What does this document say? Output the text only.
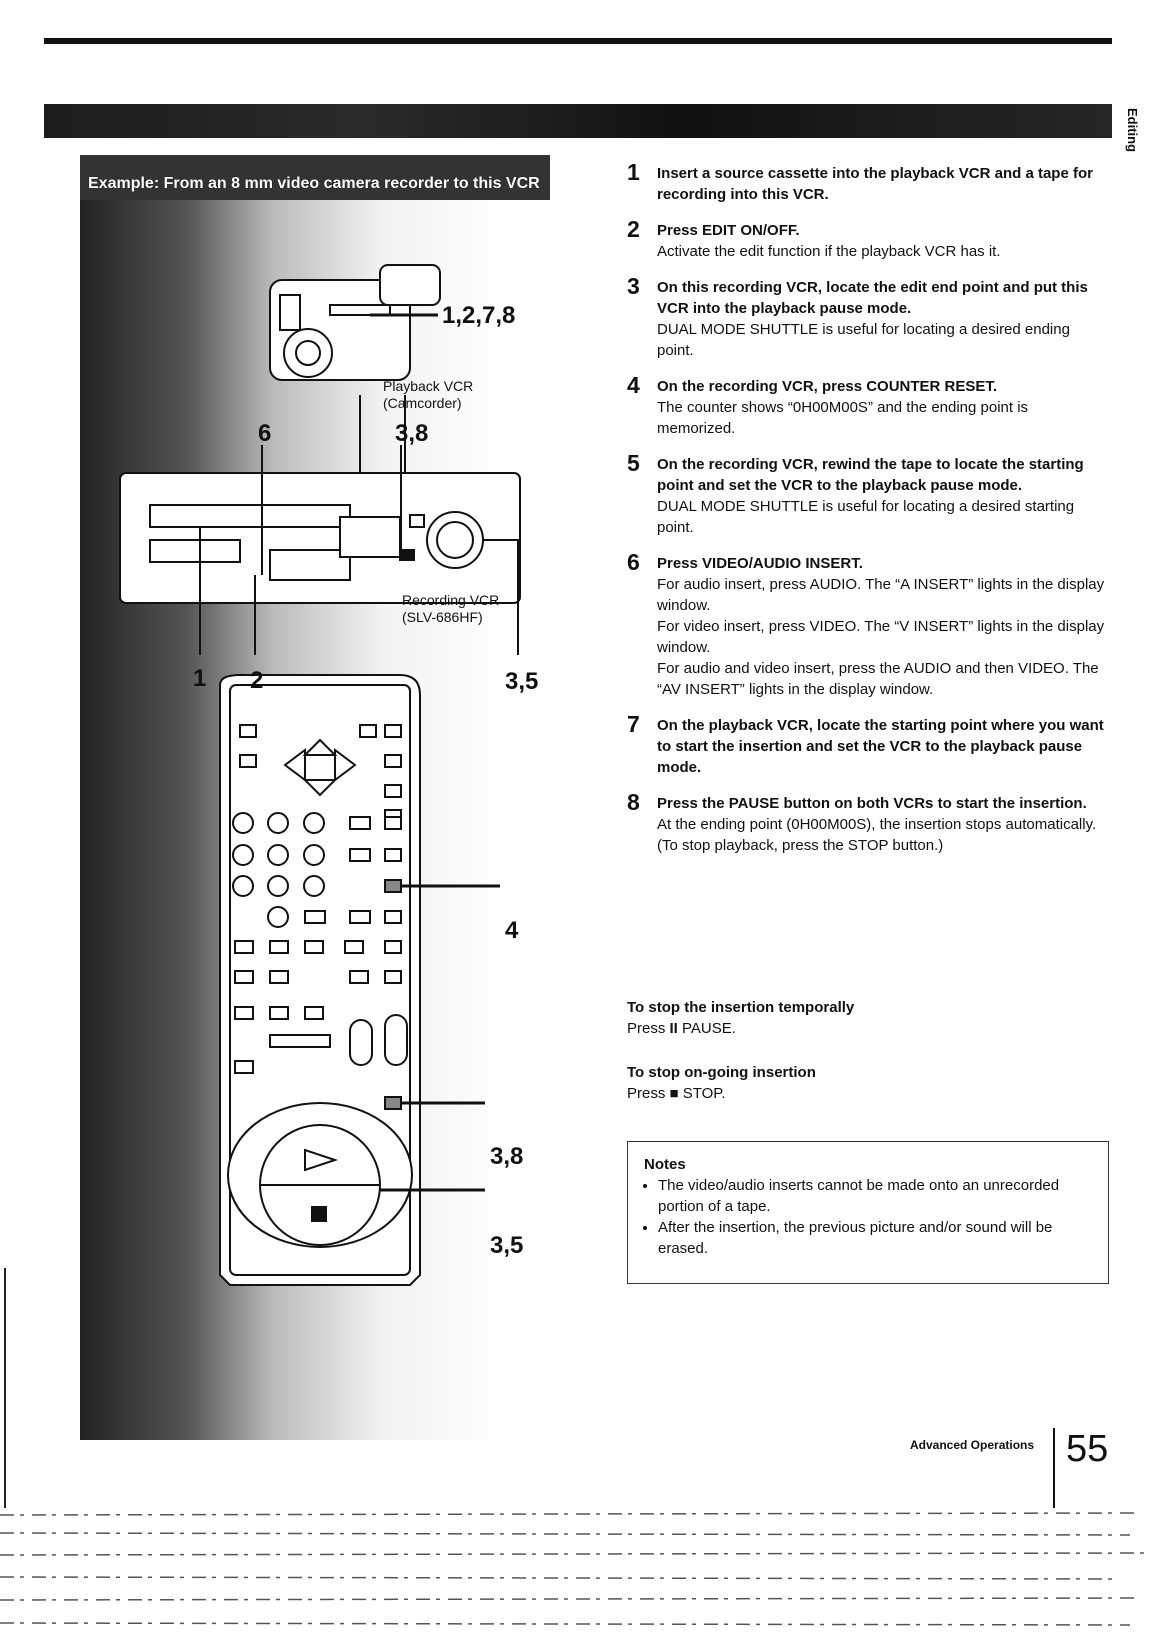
Editing
Example: From an 8 mm video camera recorder to this VCR
1,2,7,8
Playback VCR
(Camcorder)
3,8
6
Recording VCR
(SLV-686HF)
1 2	3,5
4
3,8
3,5
1 Insert a source cassette into the playback VCR and a tape for recording into this VCR.
2 Press EDIT ON/OFF.
Activate the edit function if the playback VCR has it.
3 On this recording VCR, locate the edit end point and put this VCR into the playback pause mode.
DUAL MODE SHUTTLE is useful for locating a desired ending point.
4 On the recording VCR, press COUNTER RESET.
The counter shows “0H00M00S” and the ending point is memorized.
5 On the recording VCR, rewind the tape to locate the starting point and set the VCR to the playback pause mode.
DUAL MODE SHUTTLE is useful for locating a desired starting point.
6 Press VIDEO/AUDIO INSERT.
For audio insert, press AUDIO. The “A INSERT” lights in the display window.
For video insert, press VIDEO. The “V INSERT” lights in the display window.
For audio and video insert, press the AUDIO and then VIDEO. The “AV INSERT” lights in the display window.
7 On the playback VCR, locate the starting point where you want to start the insertion and set the VCR to the playback pause mode.
8 Press the PAUSE button on both VCRs to start the insertion.
At the ending point (0H00M00S), the insertion stops automatically. (To stop playback, press the STOP button.)
To stop the insertion temporally
Press II PAUSE.
To stop on-going insertion
Press ■ STOP.
Notes
• The video/audio inserts cannot be made onto an unrecorded portion of a tape.
• After the insertion, the previous picture and/or sound will be erased.
Advanced Operations 55
